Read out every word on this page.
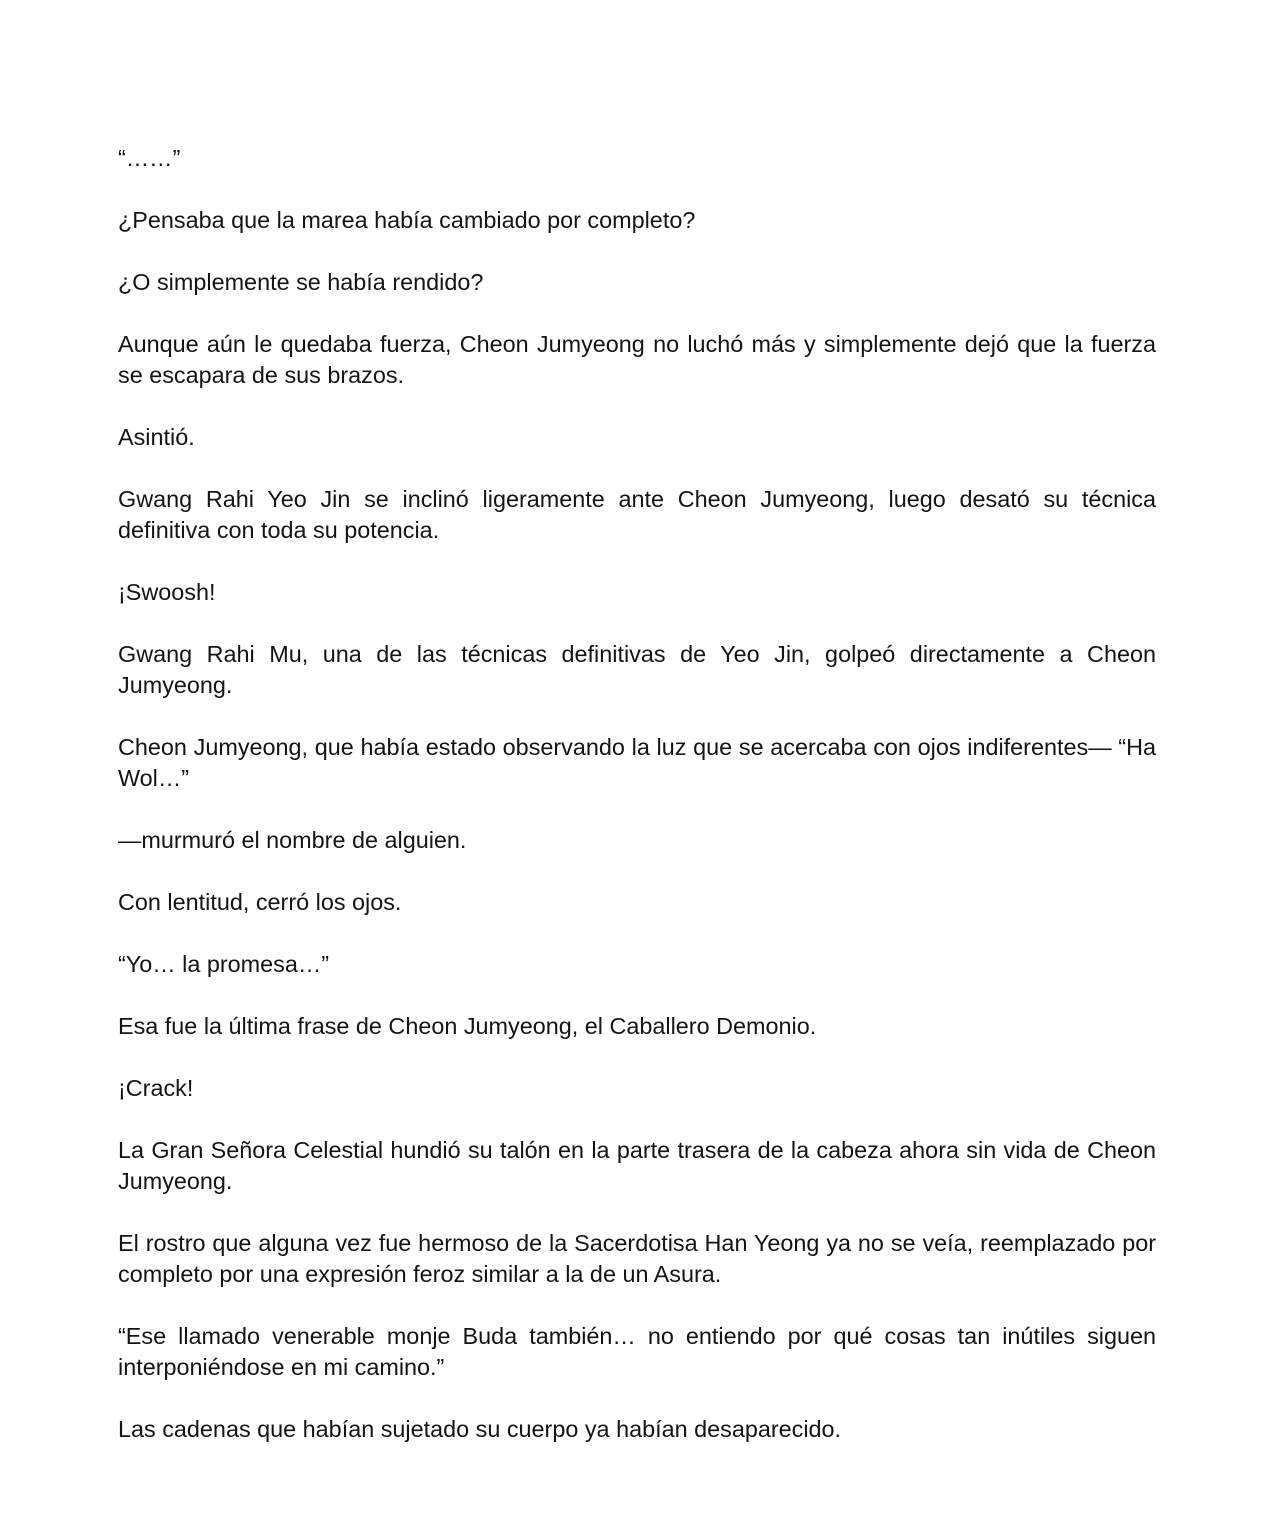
“……”

¿Pensaba que la marea había cambiado por completo?

¿O simplemente se había rendido?

Aunque aún le quedaba fuerza, Cheon Jumyeong no luchó más y simplemente dejó que la fuerza se escapara de sus brazos.

Asintió.

Gwang Rahi Yeo Jin se inclinó ligeramente ante Cheon Jumyeong, luego desató su técnica definitiva con toda su potencia.

¡Swoosh!

Gwang Rahi Mu, una de las técnicas definitivas de Yeo Jin, golpeó directamente a Cheon Jumyeong.

Cheon Jumyeong, que había estado observando la luz que se acercaba con ojos indiferentes— “Ha Wol…”

—murmuró el nombre de alguien.

Con lentitud, cerró los ojos.

“Yo… la promesa…”

Esa fue la última frase de Cheon Jumyeong, el Caballero Demonio.

¡Crack!

La Gran Señora Celestial hundió su talón en la parte trasera de la cabeza ahora sin vida de Cheon Jumyeong.

El rostro que alguna vez fue hermoso de la Sacerdotisa Han Yeong ya no se veía, reemplazado por completo por una expresión feroz similar a la de un Asura.

“Ese llamado venerable monje Buda también… no entiendo por qué cosas tan inútiles siguen interponiéndose en mi camino.”

Las cadenas que habían sujetado su cuerpo ya habían desaparecido.
